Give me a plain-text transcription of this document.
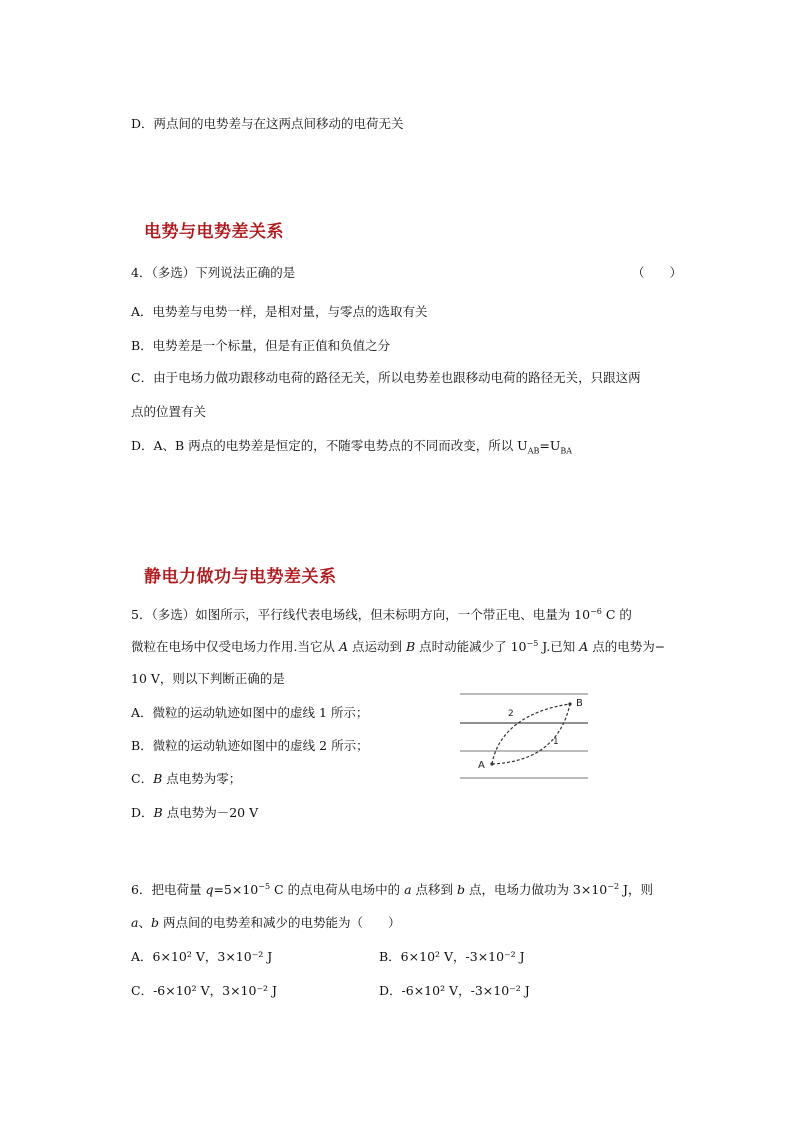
D．两点间的电势差与在这两点间移动的电荷无关
电势与电势差关系
4．（多选）下列说法正确的是	（　　）
A．电势差与电势一样，是相对量，与零点的选取有关
B．电势差是一个标量，但是有正值和负值之分
C．由于电场力做功跟移动电荷的路径无关，所以电势差也跟移动电荷的路径无关，只跟这两
点的位置有关
D．A、B 两点的电势差是恒定的，不随零电势点的不同而改变，所以 $U_{AB}=U_{BA}$
静电力做功与电势差关系
5．（多选）如图所示，平行线代表电场线，但未标明方向，一个带正电、电量为 $10^{-6}$ C 的
微粒在电场中仅受电场力作用.当它从 A 点运动到 B 点时动能减少了 $10^{-5}$ J.已知 A 点的电势为−
10 V，则以下判断正确的是
A．微粒的运动轨迹如图中的虚线 1 所示；
B．微粒的运动轨迹如图中的虚线 2 所示；
C．B 点电势为零；
D．B 点电势为－20 V
A
B
1
2
6．把电荷量 $q=5\times 10^{-5}$ C 的点电荷从电场中的 a 点移到 b 点，电场力做功为 $3\times 10^{-2}$ J，则
a、b 两点间的电势差和减少的电势能为（　　）
A．6×10² V，3×10⁻² J	B．6×10² V，-3×10⁻² J
C．-6×10² V，3×10⁻² J	D．-6×10² V，-3×10⁻² J
